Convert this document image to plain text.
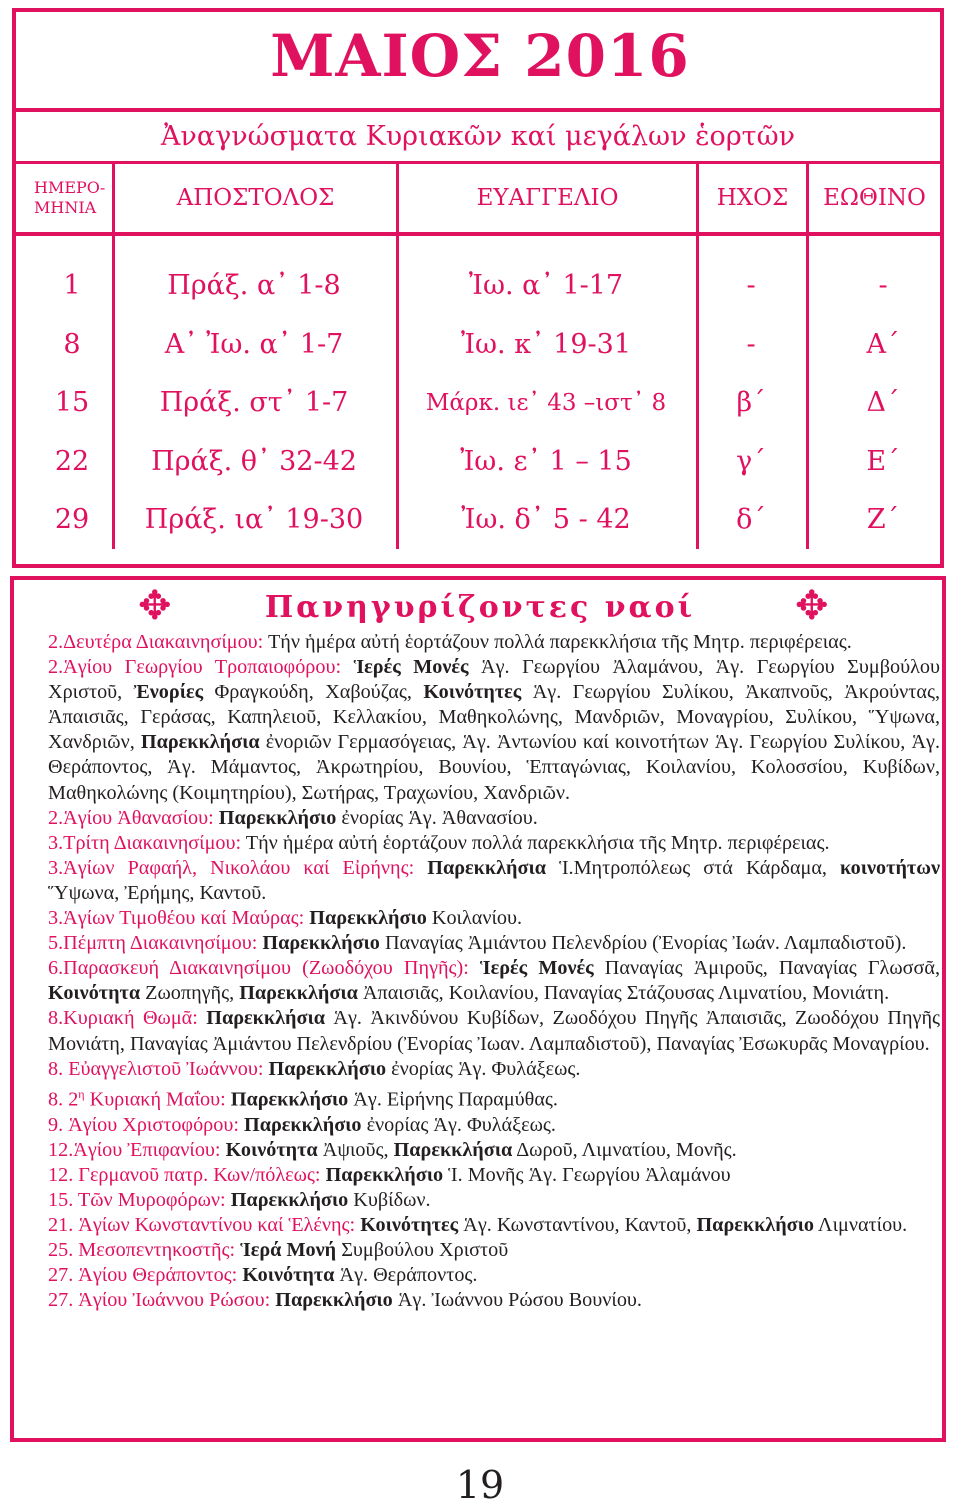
ΜΑΙΟΣ 2016
Ἀναγνώσματα Κυριακῶν καί μεγάλων ἑορτῶν
ΗΜΕΡΟ-
ΜΗΝΙΑ	ΑΠΟΣΤΟΛΟΣ	ΕΥΑΓΓΕΛΙΟ	ΗΧΟΣ	ΕΩΘΙΝΟ
1	Πράξ. α᾿ 1-8	Ἰω. α᾿ 1-17	-	-
8	Α᾿ Ἰω. α᾿ 1-7	Ἰω. κ᾿ 19-31	-	Α΄
15	Πράξ. στ᾿ 1-7	Μάρκ. ιε᾿ 43 –ιστ᾿ 8	β΄	Δ΄
22	Πράξ. θ᾿ 32-42	Ἰω. ε᾿ 1 – 15	γ΄	Ε΄
29	Πράξ. ια᾿ 19-30	Ἰω. δ᾿ 5 - 42	δ΄	Ζ΄
✥	✥
Πανηγυρίζοντες ναοί

2.Δευτέρα Διακαινησίμου: Τήν ἡμέρα αὐτή ἑορτάζουν πολλά παρεκκλήσια τῆς Μητρ. περιφέρειας.

2.Ἁγίου Γεωργίου Τροπαιοφόρου: Ἱερές Μονές Ἁγ. Γεωργίου Ἀλαμάνου, Ἁγ. Γεωργίου Συμβούλου Χριστοῦ, Ἐνορίες Φραγκούδη, Χαβούζας, Κοινότητες Ἁγ. Γεωργίου Συλίκου, Ἀκαπνοῦς, Ἀκρούντας, Ἀπαισιᾶς, Γεράσας, Καπηλειοῦ, Κελλακίου, Μαθηκολώνης, Μανδριῶν, Μοναγρίου, Συλίκου, Ὕψωνα, Χανδριῶν, Παρεκκλήσια ἐνοριῶν Γερμασόγειας, Ἁγ. Ἀντωνίου καί κοινοτήτων Ἁγ. Γεωργίου Συλίκου, Ἁγ. Θεράποντος, Ἁγ. Μάμαντος, Ἀκρωτηρίου, Βουνίου, Ἑπταγώνιας, Κοιλανίου, Κολοσσίου, Κυβίδων, Μαθηκολώνης (Κοιμητηρίου), Σωτήρας, Τραχωνίου, Χανδριῶν.

2.Ἁγίου Ἀθανασίου: Παρεκκλήσιο ἐνορίας Ἁγ. Ἀθανασίου.

3.Τρίτη Διακαινησίμου: Τήν ἡμέρα αὐτή ἑορτάζουν πολλά παρεκκλήσια τῆς Μητρ. περιφέρειας.

3.Ἁγίων Ραφαήλ, Νικολάου καί Εἰρήνης: Παρεκκλήσια Ἱ.Μητροπόλεως στά Κάρδαμα, κοινοτήτων Ὕψωνα, Ἐρήμης, Καντοῦ.

3.Ἁγίων Τιμοθέου καί Μαύρας: Παρεκκλήσιο Κοιλανίου.

5.Πέμπτη Διακαινησίμου: Παρεκκλήσιο Παναγίας Ἀμιάντου Πελενδρίου (Ἐνορίας Ἰωάν. Λαμπαδιστοῦ).

6.Παρασκευή Διακαινησίμου (Ζωοδόχου Πηγῆς): Ἱερές Μονές Παναγίας Ἀμιροῦς, Παναγίας Γλωσσᾶ, Κοινότητα Ζωοπηγῆς, Παρεκκλήσια Ἀπαισιᾶς, Κοιλανίου, Παναγίας Στάζουσας Λιμνατίου, Μονιάτη.

8.Κυριακή Θωμᾶ: Παρεκκλήσια Ἁγ. Ἀκινδύνου Κυβίδων, Ζωοδόχου Πηγῆς Ἀπαισιᾶς, Ζωοδόχου Πηγῆς Μονιάτη, Παναγίας Ἀμιάντου Πελενδρίου (Ἐνορίας Ἰωαν. Λαμπαδιστοῦ), Παναγίας Ἐσωκυρᾶς Μοναγρίου.

8. Εὐαγγελιστοῦ Ἰωάννου: Παρεκκλήσιο ἐνορίας Ἁγ. Φυλάξεως.

8. $2^\eta$ Κυριακή Μαΐου: Παρεκκλήσιο Ἁγ. Εἰρήνης Παραμύθας.

9. Ἁγίου Χριστοφόρου: Παρεκκλήσιο ἐνορίας Ἁγ. Φυλάξεως.

12.Ἁγίου Ἐπιφανίου: Κοινότητα Ἀψιοῦς, Παρεκκλήσια Δωροῦ, Λιμνατίου, Μονῆς.

12. Γερμανοῦ πατρ. Κων/πόλεως: Παρεκκλήσιο Ἱ. Μονῆς Ἁγ. Γεωργίου Ἀλαμάνου

15. Τῶν Μυροφόρων: Παρεκκλήσιο Κυβίδων.

21. Ἁγίων Κωνσταντίνου καί Ἑλένης: Κοινότητες Ἁγ. Κωνσταντίνου, Καντοῦ, Παρεκκλήσιο Λιμνατίου.

25. Μεσοπεντηκοστῆς: Ἱερά Μονή Συμβούλου Χριστοῦ

27. Ἁγίου Θεράποντος: Κοινότητα Ἁγ. Θεράποντος.

27. Ἁγίου Ἰωάννου Ρώσου: Παρεκκλήσιο Ἁγ. Ἰωάννου Ρώσου Βουνίου.

19
